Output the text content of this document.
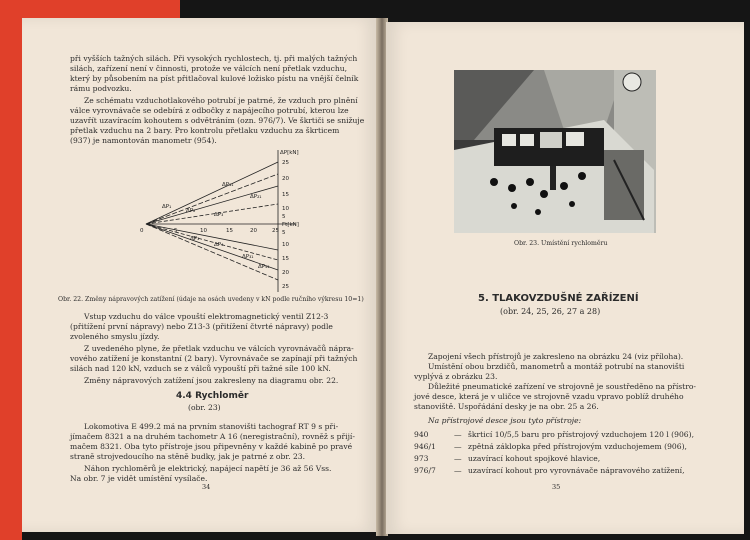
při vyšších tažných silách. Při vysokých rychlostech, tj. při malých tažných
silách, zařízení není v činnosti, protože ve válcích není přetlak vzduchu,
který by působením na píst přitlačoval kulové ložisko pístu na vnější čelník
rámu podvozku.
Ze schématu vzduchotlakového potrubí je patrné, že vzduch pro plnění
válce vyrovnávače se odebírá z odbočky z napájecího potrubí, kterou lze
uzavřít uzavíracím kohoutem s odvětráním (ozn. 976/7). Ve škrtiči se snižuje
přetlak vzduchu na 2 bary. Pro kontrolu přetlaku vzduchu za škrticem
(937) je namontován manometr (954).
ΔP[kN]
25
20
15
10
5
5
10
15
20
25
Ft[kN]
0	5	10	15	20	25
ΔP₁
ΔP₂
ΔP₃
ΔP₁₁
ΔP₂₁
ΔP₃
ΔP₄
ΔP₃₁
ΔP₄₁
Obr. 22. Změny nápravových zatížení (údaje na osách uvedeny v kN podle ručního výkresu 10=1)
Vstup vzduchu do válce vpouští elektromagnetický ventil Z12-3
(přitížení první nápravy) nebo Z13-3 (přitížení čtvrté nápravy) podle
zvoleného smyslu jízdy.
Z uvedeného plyne, že přetlak vzduchu ve válcích vyrovnávačů nápra-
vového zatížení je konstantní (2 bary). Vyrovnávače se zapínají při tažných
silách nad 120 kN, vzduch se z válců vypouští při tažné síle 100 kN.
Změny nápravových zatížení jsou zakresleny na diagramu obr. 22.
4.4 Rychloměr
(obr. 23)
Lokomotiva E 499.2 má na prvním stanovišti tachograf RT 9 s při-
jímačem 8321 a na druhém tachometr A 16 (neregistrační), rovněž s přijí-
mačem 8321. Oba tyto přístroje jsou připevněny v každé kabině po pravé
straně strojvedoucího na stěně budky, jak je patrné z obr. 23.
Náhon rychloměrů je elektrický, napájecí napětí je 36 až 56 Vss.
Na obr. 7 je vidět umístění vysílače.
34
Obr. 23. Umístění rychloměru
5. TLAKOVZDUŠNÉ ZAŘÍZENÍ
(obr. 24, 25, 26, 27 a 28)
Zapojení všech přístrojů je zakresleno na obrázku 24 (viz příloha).
Umístění obou brzdičů, manometrů a montáž potrubí na stanovišti
vyplývá z obrázku 23.
Důležité pneumatické zařízení ve strojovně je soustředěno na přístro-
jové desce, která je v uličce ve strojovně vzadu vpravo poblíž druhého
stanoviště. Uspořádání desky je na obr. 25 a 26.
Na přístrojové desce jsou tyto přístroje:
940	— škrticí 10/5,5 baru pro přístrojový vzduchojem 120 l (906),
946/1 — zpětná záklopka před přístrojovým vzduchojemem (906),
973	— uzavírací kohout spojkové hlavice,
976/7 — uzavírací kohout pro vyrovnávače nápravového zatížení,
35
